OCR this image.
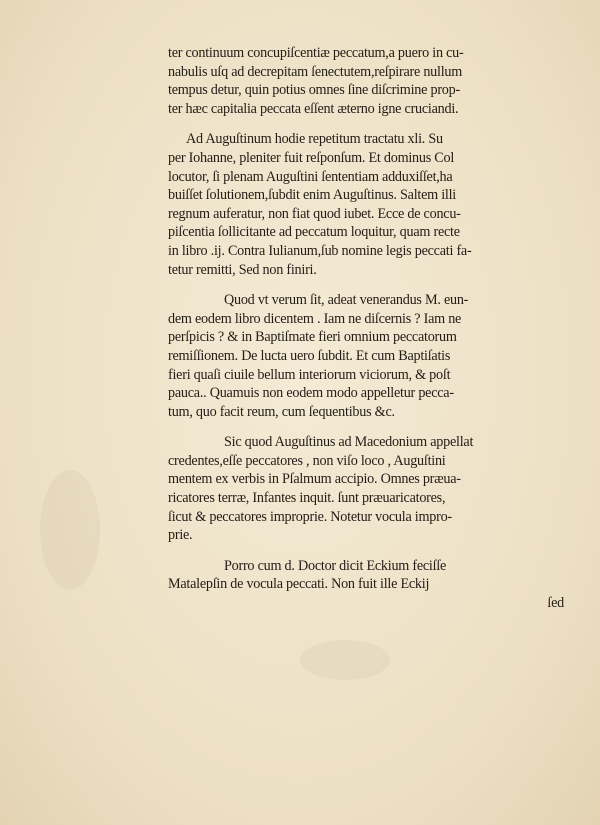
ter continuum concupiſcentiæ peccatum,a puero in cu-
nabulis uſq ad decrepitam ſenectutem,reſpirare nullum
tempus detur, quin potius omnes ſine diſcrimine prop-
ter hæc capitalia peccata eſſent æterno igne cruciandi.
Ad Auguſtinum hodie repetitum tractatu xli. Su
per Iohanne, pleniter fuit reſponſum. Et dominus Col
locutor, ſi plenam Auguſtini ſententiam adduxiſſet,ha
buiſſet ſolutionem,ſubdit enim Auguſtinus. Saltem illi
regnum auferatur, non fiat quod iubet. Ecce de concu-
piſcentia ſollicitante ad peccatum loquitur, quam recte
in libro .ij. Contra Iulianum,ſub nomine legis peccati fa-
tetur remitti, Sed non finiri.
Quod vt verum ſit, adeat venerandus M. eun-
dem eodem libro dicentem . Iam ne diſcernis ? Iam ne
perſpicis ? & in Baptiſmate fieri omnium peccatorum
remiſſionem. De lucta uero ſubdit. Et cum Baptiſatis
fieri quaſi ciuile bellum interiorum viciorum, & poſt
pauca.. Quamuis non eodem modo appelletur pecca-
tum, quo facit reum, cum ſequentibus &c.
Sic quod Auguſtinus ad Macedonium appellat
credentes,eſſe peccatores , non viſo loco , Auguſtini
mentem ex verbis in Pſalmum accipio. Omnes præua-
ricatores terræ, Infantes inquit. ſunt præuaricatores,
ſicut & peccatores improprie. Notetur vocula impro-
prie.
Porro cum d. Doctor dicit Eckium feciſſe
Matalepſin de vocula peccati. Non fuit ille Eckij
ſed
